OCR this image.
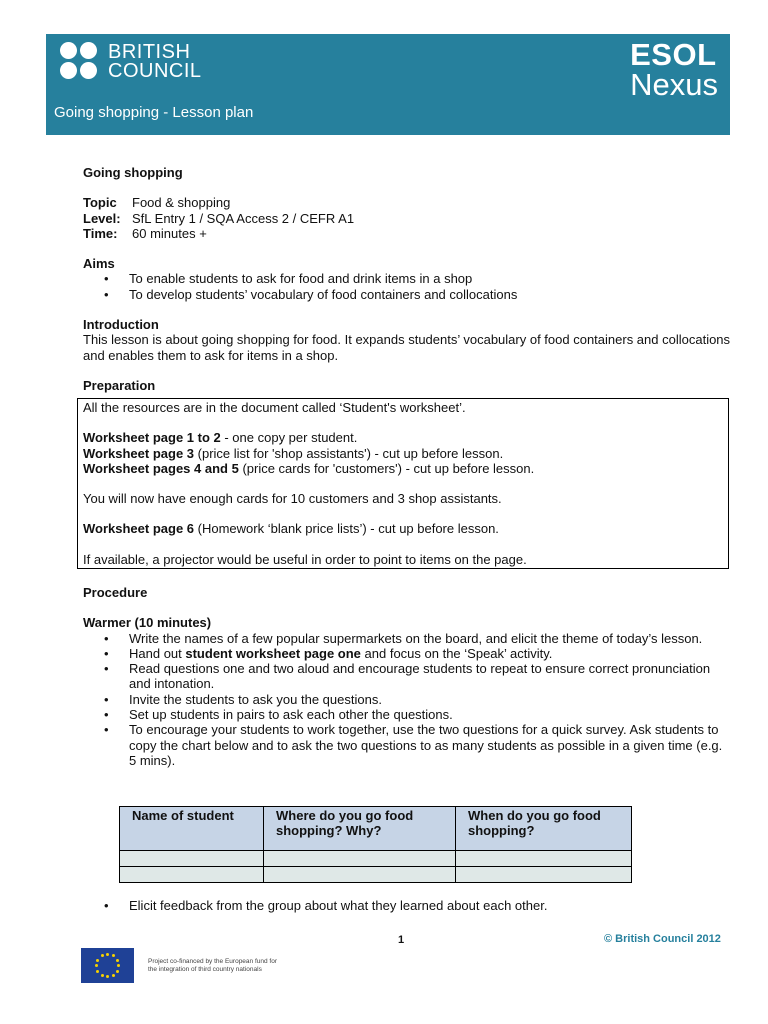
BRITISH
COUNCIL	ESOL
Nexus
Going shopping - Lesson plan

Going shopping

Topic Food & shopping

Level: SfL Entry 1 / SQA Access 2 / CEFR A1

Time: 60 minutes +

Aims

• To enable students to ask for food and drink items in a shop
• To develop students’ vocabulary of food containers and collocations

Introduction

This lesson is about going shopping for food. It expands students’ vocabulary of food containers and collocations and enables them to ask for items in a shop.

Preparation

All the resources are in the document called ‘Student's worksheet’.

Worksheet page 1 to 2 - one copy per student.

Worksheet page 3 (price list for 'shop assistants') - cut up before lesson.

Worksheet pages 4 and 5 (price cards for 'customers') - cut up before lesson.

You will now have enough cards for 10 customers and 3 shop assistants.

Worksheet page 6 (Homework ‘blank price lists’) - cut up before lesson.

If available, a projector would be useful in order to point to items on the page.

Procedure

Warmer (10 minutes)

• Write the names of a few popular supermarkets on the board, and elicit the theme of today’s lesson.
• Hand out student worksheet page one and focus on the ‘Speak’ activity.
• Read questions one and two aloud and encourage students to repeat to ensure correct pronunciation and intonation.
• Invite the students to ask you the questions.
• Set up students in pairs to ask each other the questions.
• To encourage your students to work together, use the two questions for a quick survey. Ask students to copy the chart below and to ask the two questions to as many students as possible in a given time (e.g. 5 mins).
Name of student	Where do you go food shopping? Why?	When do you go food shopping?

• Elicit feedback from the group about what they learned about each other.
1	© British Council 2012
Project co-financed by the European fund for the integration of third country nationals
